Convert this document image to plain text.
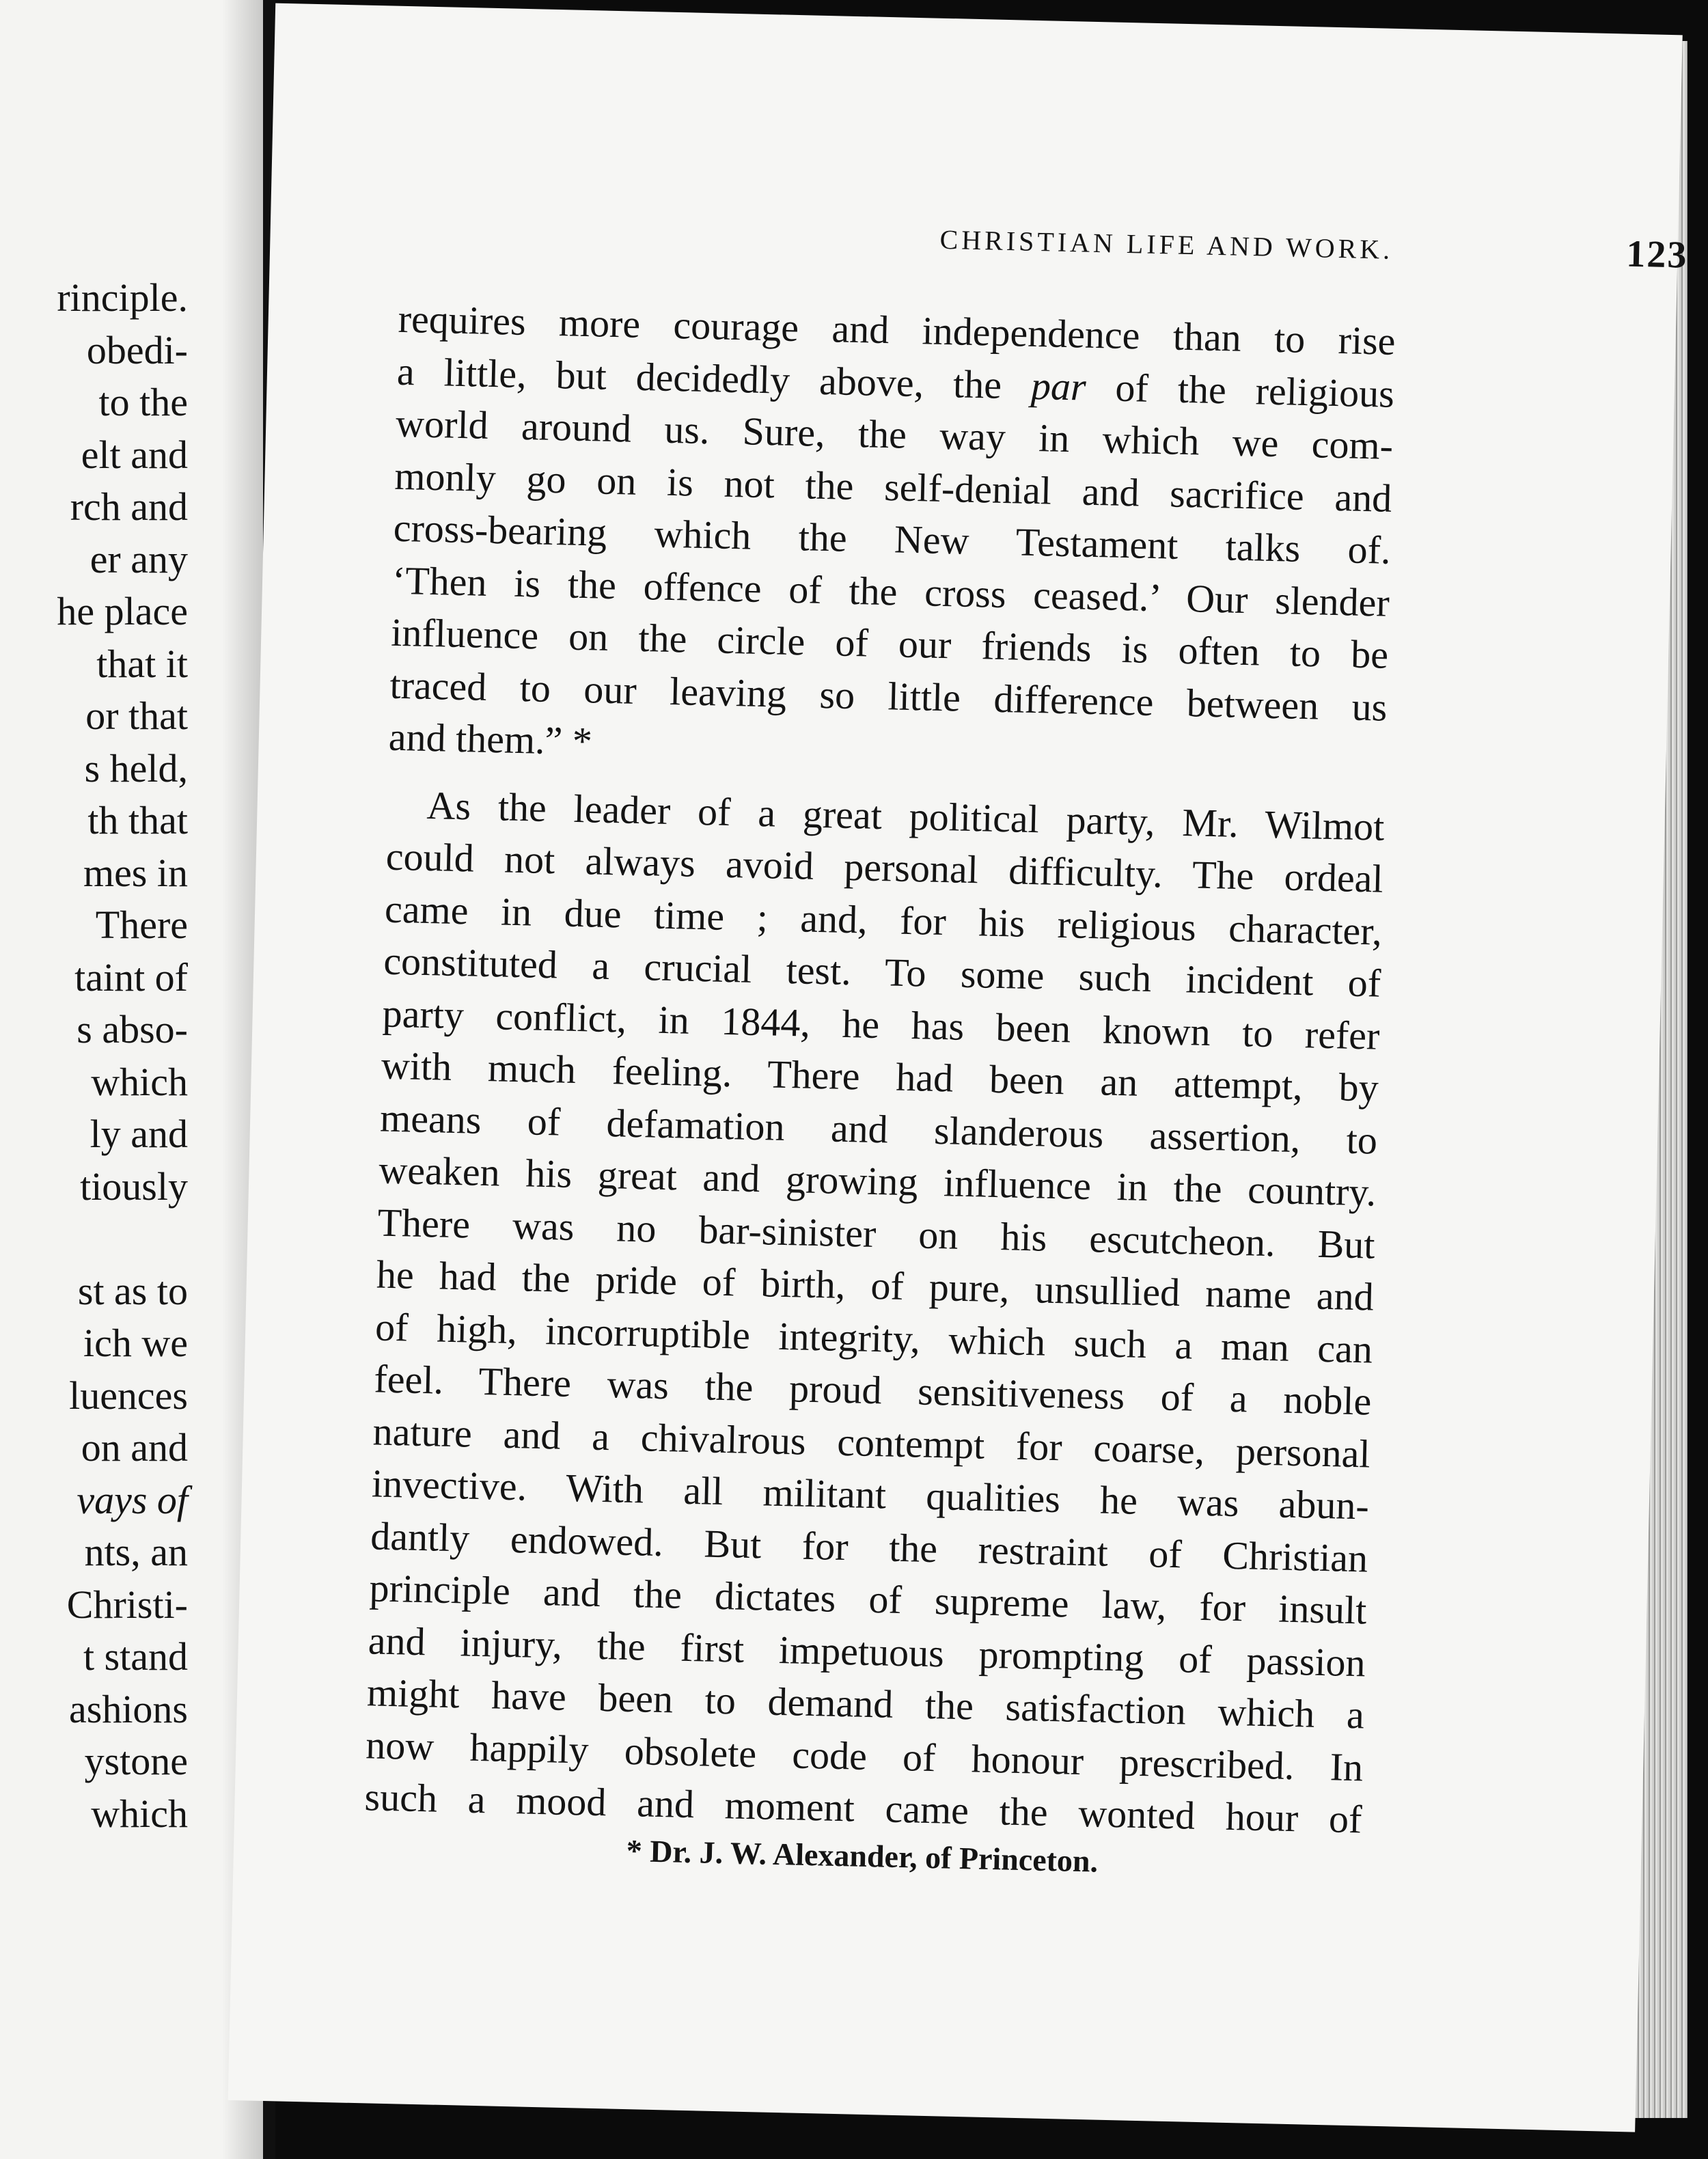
rinciple.
obedi-
to the
elt and
rch and
er any
he place
that it
or that
s held,
th that
mes in
There
taint of
s abso-
which
ly and
tiously
st as to
ich we
luences
on and
vays of
nts, an
Christi-
t stand
ashions
ystone
which
CHRISTIAN LIFE AND WORK.	123
requires more courage and independence than to rise
a little, but decidedly above, the par of the religious
world around us. Sure, the way in which we com-
monly go on is not the self-denial and sacrifice and
cross-bearing which the New Testament talks of.
‘Then is the offence of the cross ceased.’ Our slender
influence on the circle of our friends is often to be
traced to our leaving so little difference between us
and them.” *
As the leader of a great political party, Mr. Wilmot
could not always avoid personal difficulty. The ordeal
came in due time ; and, for his religious character,
constituted a crucial test. To some such incident of
party conflict, in 1844, he has been known to refer
with much feeling. There had been an attempt, by
means of defamation and slanderous assertion, to
weaken his great and growing influence in the country.
There was no bar-sinister on his escutcheon. But
he had the pride of birth, of pure, unsullied name and
of high, incorruptible integrity, which such a man can
feel. There was the proud sensitiveness of a noble
nature and a chivalrous contempt for coarse, personal
invective. With all militant qualities he was abun-
dantly endowed. But for the restraint of Christian
principle and the dictates of supreme law, for insult
and injury, the first impetuous prompting of passion
might have been to demand the satisfaction which a
now happily obsolete code of honour prescribed. In
such a mood and moment came the wonted hour of
* Dr. J. W. Alexander, of Princeton.
